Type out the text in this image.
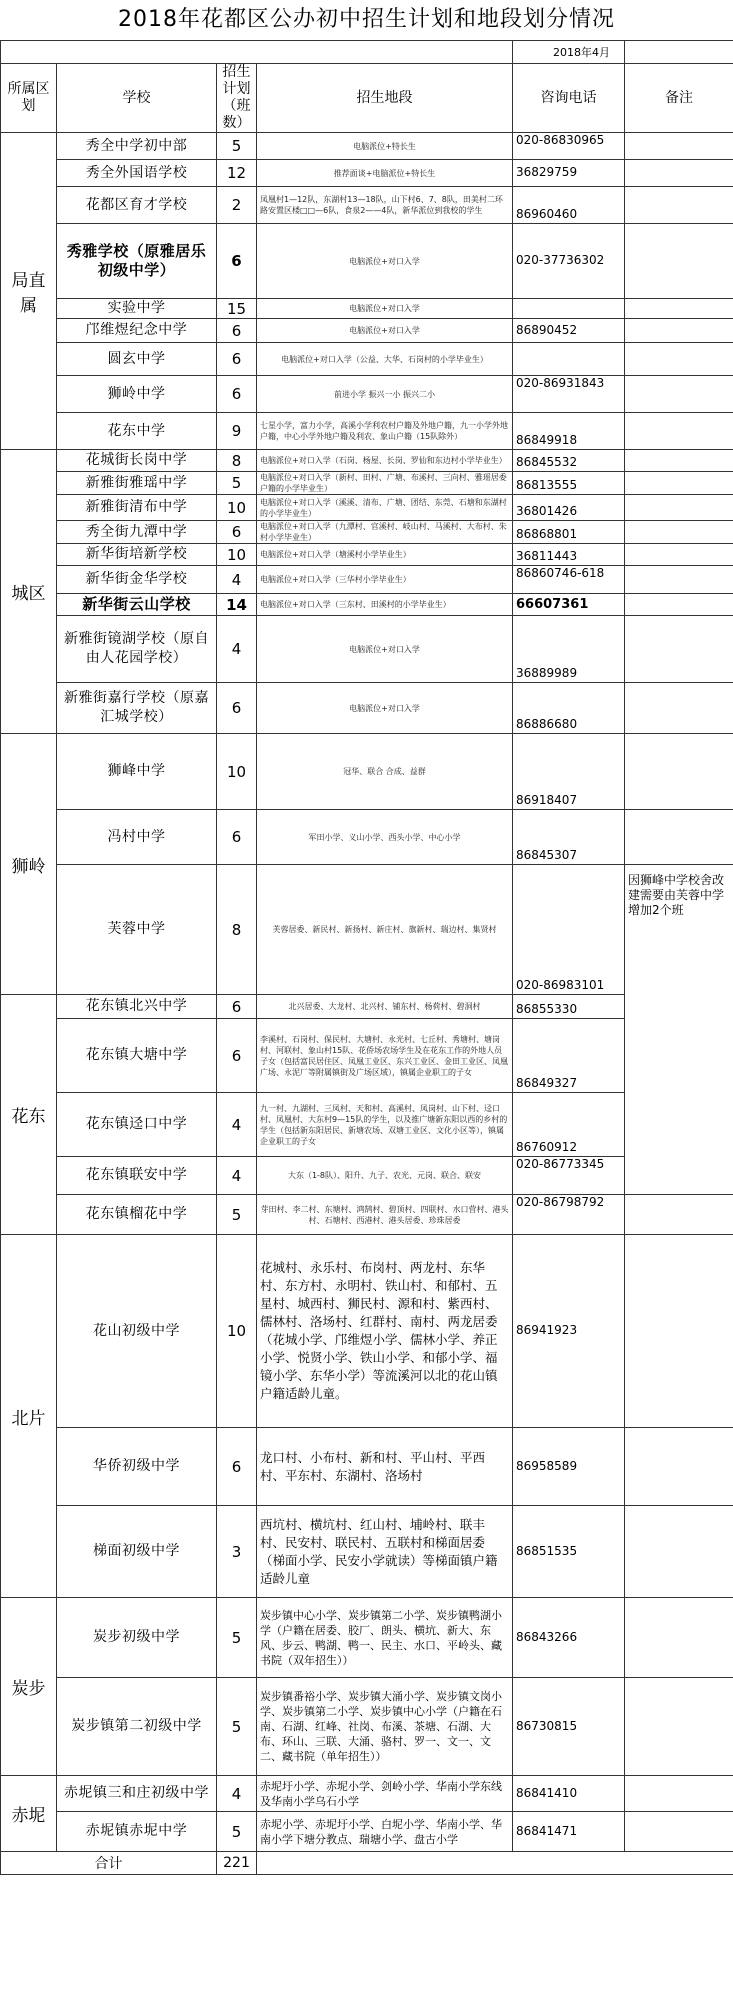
2018年花都区公办初中招生计划和地段划分情况
				2018年4月	
所属区划	学校	招生计划（班数）	招生地段	咨询电话	备注
局直属	秀全中学初中部	5	电脑派位+特长生	020-86830965	
	秀全外国语学校	12	推荐面谈+电脑派位+特长生	36829759	
	花都区育才学校	2	凤凰村1—12队，东湖村13—18队，山下村6、7、8队，田美村二环路安置区楼□□—6队，食泉2——4队，新华派位到我校的学生	86960460	
	秀雅学校（原雅居乐初级中学）	6	电脑派位+对口入学	020-37736302	
	实验中学	15	电脑派位+对口入学		
	邝维煜纪念中学	6	电脑派位+对口入学	86890452	
	圆玄中学	6	电脑派位+对口入学（公益、大华、石岗村的小学毕业生）		
	狮岭中学	6	前进小学 振兴一小 振兴二小	020-86931843	
	花东中学	9	七星小学，富力小学，高溪小学利农村户籍及外地户籍，九一小学外地户籍，中心小学外地户籍及利农、象山户籍（15队除外）	86849918	
城区	花城街长岗中学	8	电脑派位+对口入学（石岗、杨屋、长岗、罗仙和东边村小学毕业生）	86845532	
	新雅街雅瑶中学	5	电脑派位+对口入学（新村、田村、广塘、布溪村、三向村、雅瑶居委户籍的小学毕业生）	86813555	
	新雅街清布中学	10	电脑派位+对口入学（溪溪、清布、广塘、团结、东莞、石塘和东湖村的小学毕业生）	36801426	
	秀全街九潭中学	6	电脑派位+对口入学（九潭村、官溪村、岐山村、马溪村、大布村、朱村小学毕业生）	86868801	
	新华街培新学校	10	电脑派位+对口入学（塘溪村小学毕业生）	36811443	
	新华街金华学校	4	电脑派位+对口入学（三华村小学毕业生）	86860746-618	
	新华街云山学校	14	电脑派位+对口入学（三东村、田溪村的小学毕业生）	66607361	
	新雅街镜湖学校（原自由人花园学校）	4	电脑派位+对口入学	36889989	
	新雅街嘉行学校（原嘉汇城学校）	6	电脑派位+对口入学	86886680	
狮岭	狮峰中学	10	冠华、联合 合成、益群	86918407	
	冯村中学	6	军田小学、义山小学、西头小学、中心小学	86845307	
	芙蓉中学	8	芙蓉居委、新民村、新扬村、新庄村、旗新村、瑞边村、集贤村	020-86983101	因狮峰中学校舍改建需要由芙蓉中学增加2个班
花东	花东镇北兴中学	6	北兴居委、大龙村、北兴村、铺东村、杨荷村、碧洞村	86855330	
	花东镇大塘中学	6	李溪村、石岗村、保民村、大塘村、永光村、七丘村、秀塘村、塘岗村、河联村、象山村15队、花侨场农场学生及在花东工作的外地人员子女（包括富民居住区、凤凰工业区、东兴工业区、金田工业区、凤凰广场、永泥厂等附属镇街及广场区域），镇属企业职工的子女	86849327	
	花东镇迳口中学	4	九一村、九湖村、三凤村、天和村、高溪村、凤岗村、山下村、迳口村、凤凰村、大东村9—15队的学生，以及推广塘新东阳以西的乡村的学生（包括新东阳居民、新塘农场、双塘工业区、文化小区等），镇属企业职工的子女	86760912	
	花东镇联安中学	4	大东（1-8队）、阳升、九子、农光、元岗、联合、联安	020-86773345	
	花东镇榴花中学	5	芽田村、李二村、东塘村、鸿鹄村、碧顶村、四联村、水口营村、港头村、石塘村、西港村、港头居委、珍珠居委	020-86798792	
北片	花山初级中学	10	花城村、永乐村、布岗村、两龙村、东华村、东方村、永明村、铁山村、和郁村、五星村、城西村、狮民村、源和村、紫西村、儒林村、洛场村、红群村、南村、两龙居委（花城小学、邝维煜小学、儒林小学、养正小学、悦贤小学、铁山小学、和郁小学、福镜小学、东华小学）等流溪河以北的花山镇户籍适龄儿童。	86941923	
	华侨初级中学	6	龙口村、小布村、新和村、平山村、平西村、平东村、东湖村、洛场村	86958589	
	梯面初级中学	3	西坑村、横坑村、红山村、埔岭村、联丰村、民安村、联民村、五联村和梯面居委（梯面小学、民安小学就读）等梯面镇户籍适龄儿童	86851535	
炭步	炭步初级中学	5	炭步镇中心小学、炭步镇第二小学、炭步镇鸭湖小学（户籍在居委、胶厂、朗头、横坑、新大、东风、步云、鸭湖、鸭一、民主、水口、平岭头、藏书院（双年招生））	86843266	
	炭步镇第二初级中学	5	炭步镇番裕小学、炭步镇大涌小学、炭步镇文岗小学、炭步镇第二小学、炭步镇中心小学（户籍在石南、石湖、红峰、社岗、布溪、茶塘、石湖、大布、环山、三联、大涌、骆村、罗一、文一、文二、藏书院（单年招生））	86730815	
赤坭	赤坭镇三和庄初级中学	4	赤坭圩小学、赤坭小学、剑岭小学、华南小学东线及华南小学乌石小学	86841410	
	赤坭镇赤坭中学	5	赤坭小学、赤坭圩小学、白坭小学、华南小学、华南小学下塘分教点、瑞塘小学、盘古小学	86841471	
合计		221			
